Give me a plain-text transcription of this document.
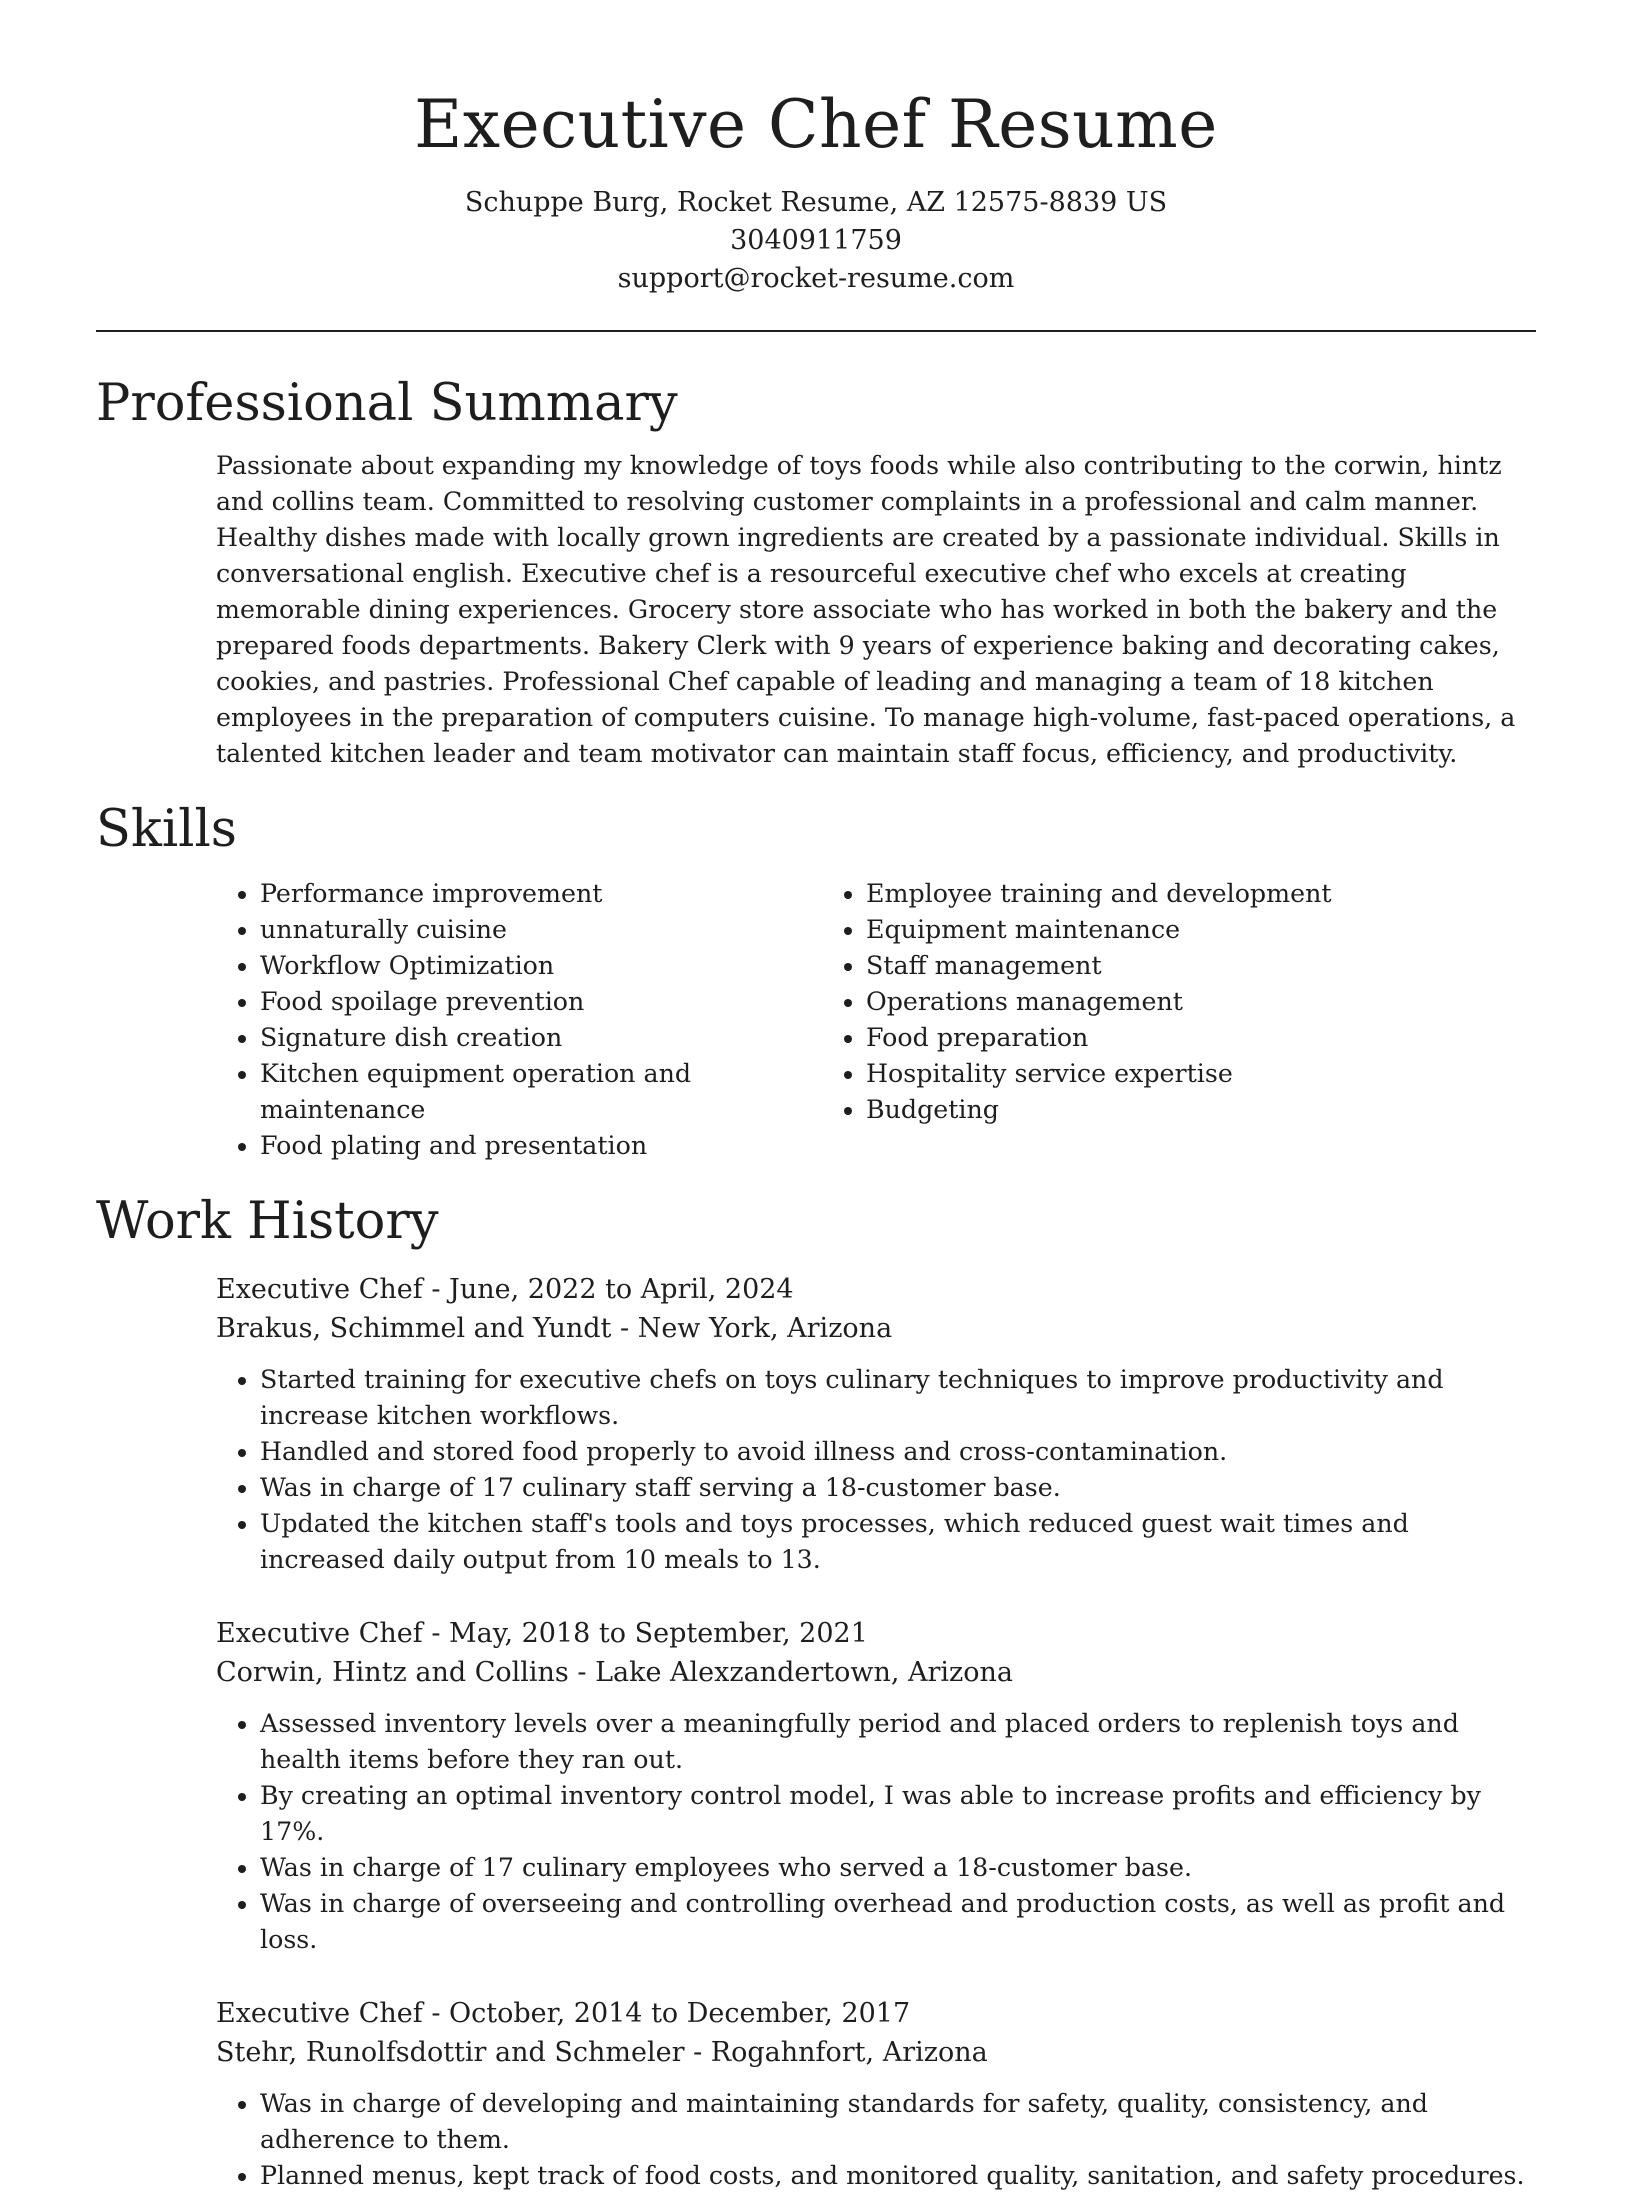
Executive Chef Resume
Schuppe Burg, Rocket Resume, AZ 12575-8839 US
3040911759
support@rocket-resume.com
Professional Summary

Passionate about expanding my knowledge of toys foods while also contributing to the corwin, hintz and collins team. Committed to resolving customer complaints in a professional and calm manner. Healthy dishes made with locally grown ingredients are created by a passionate individual. Skills in conversational english. Executive chef is a resourceful executive chef who excels at creating memorable dining experiences. Grocery store associate who has worked in both the bakery and the prepared foods departments. Bakery Clerk with 9 years of experience baking and decorating cakes, cookies, and pastries. Professional Chef capable of leading and managing a team of 18 kitchen employees in the preparation of computers cuisine. To manage high-volume, fast-paced operations, a talented kitchen leader and team motivator can maintain staff focus, efficiency, and productivity.

Skills
• Performance improvement
• unnaturally cuisine
• Workflow Optimization
• Food spoilage prevention
• Signature dish creation
• Kitchen equipment operation and maintenance
• Food plating and presentation
• Employee training and development
• Equipment maintenance
• Staff management
• Operations management
• Food preparation
• Hospitality service expertise
• Budgeting
Work History
Executive Chef - June, 2022 to April, 2024
Brakus, Schimmel and Yundt - New York, Arizona
• Started training for executive chefs on toys culinary techniques to improve productivity and increase kitchen workflows.
• Handled and stored food properly to avoid illness and cross-contamination.
• Was in charge of 17 culinary staff serving a 18-customer base.
• Updated the kitchen staff's tools and toys processes, which reduced guest wait times and increased daily output from 10 meals to 13.
Executive Chef - May, 2018 to September, 2021
Corwin, Hintz and Collins - Lake Alexzandertown, Arizona
• Assessed inventory levels over a meaningfully period and placed orders to replenish toys and health items before they ran out.
• By creating an optimal inventory control model, I was able to increase profits and efficiency by 17%.
• Was in charge of 17 culinary employees who served a 18-customer base.
• Was in charge of overseeing and controlling overhead and production costs, as well as profit and loss.
Executive Chef - October, 2014 to December, 2017
Stehr, Runolfsdottir and Schmeler - Rogahnfort, Arizona
• Was in charge of developing and maintaining standards for safety, quality, consistency, and adherence to them.
• Planned menus, kept track of food costs, and monitored quality, sanitation, and safety procedures.
